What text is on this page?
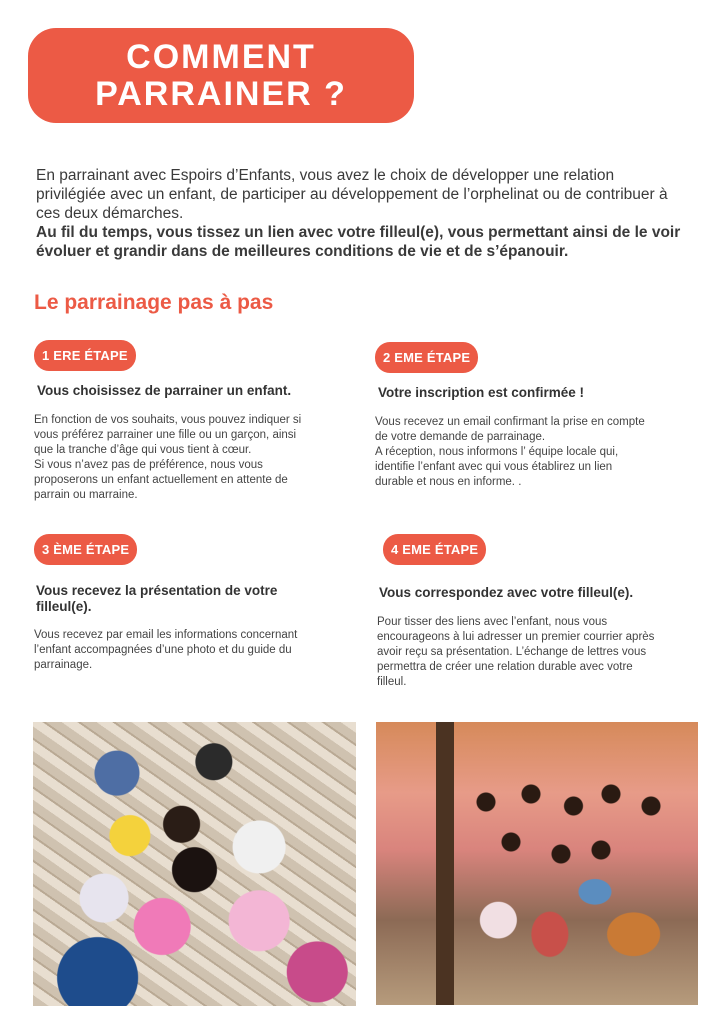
COMMENT
PARRAINER ?

En parrainant avec Espoirs d’Enfants, vous avez le choix de développer une relation privilégiée avec un enfant, de participer au développement de l’orphelinat ou de contribuer à ces deux démarches.

Au fil du temps, vous tissez un lien avec votre filleul(e), vous permettant ainsi de le voir évoluer et grandir dans de meilleures conditions de vie et de s’épanouir.

Le parrainage pas à pas
1 ERE ÉTAPE
Vous choisissez de parrainer un enfant.
En fonction de vos souhaits, vous pouvez indiquer si
vous préférez parrainer une fille ou un garçon, ainsi
que la tranche d’âge qui vous tient à cœur.
Si vous n’avez pas de préférence, nous vous
proposerons un enfant actuellement en attente de
parrain ou marraine.
2 EME ÉTAPE
Votre inscription est confirmée !
Vous recevez un email confirmant la prise en compte
de votre demande de parrainage.
A réception, nous informons l’ équipe locale qui,
identifie l’enfant avec qui vous établirez un lien
durable et nous en informe. .
3 ÈME ÉTAPE
Vous recevez la présentation de votre filleul(e).
Vous recevez par email les informations concernant
l’enfant accompagnées d’une photo et du guide du
parrainage.
4 EME ÉTAPE
Vous correspondez avec votre filleul(e).
Pour tisser des liens avec l’enfant, nous vous
encourageons à lui adresser un premier courrier après
avoir reçu sa présentation. L’échange de lettres vous
permettra de créer une relation durable avec votre
filleul.
